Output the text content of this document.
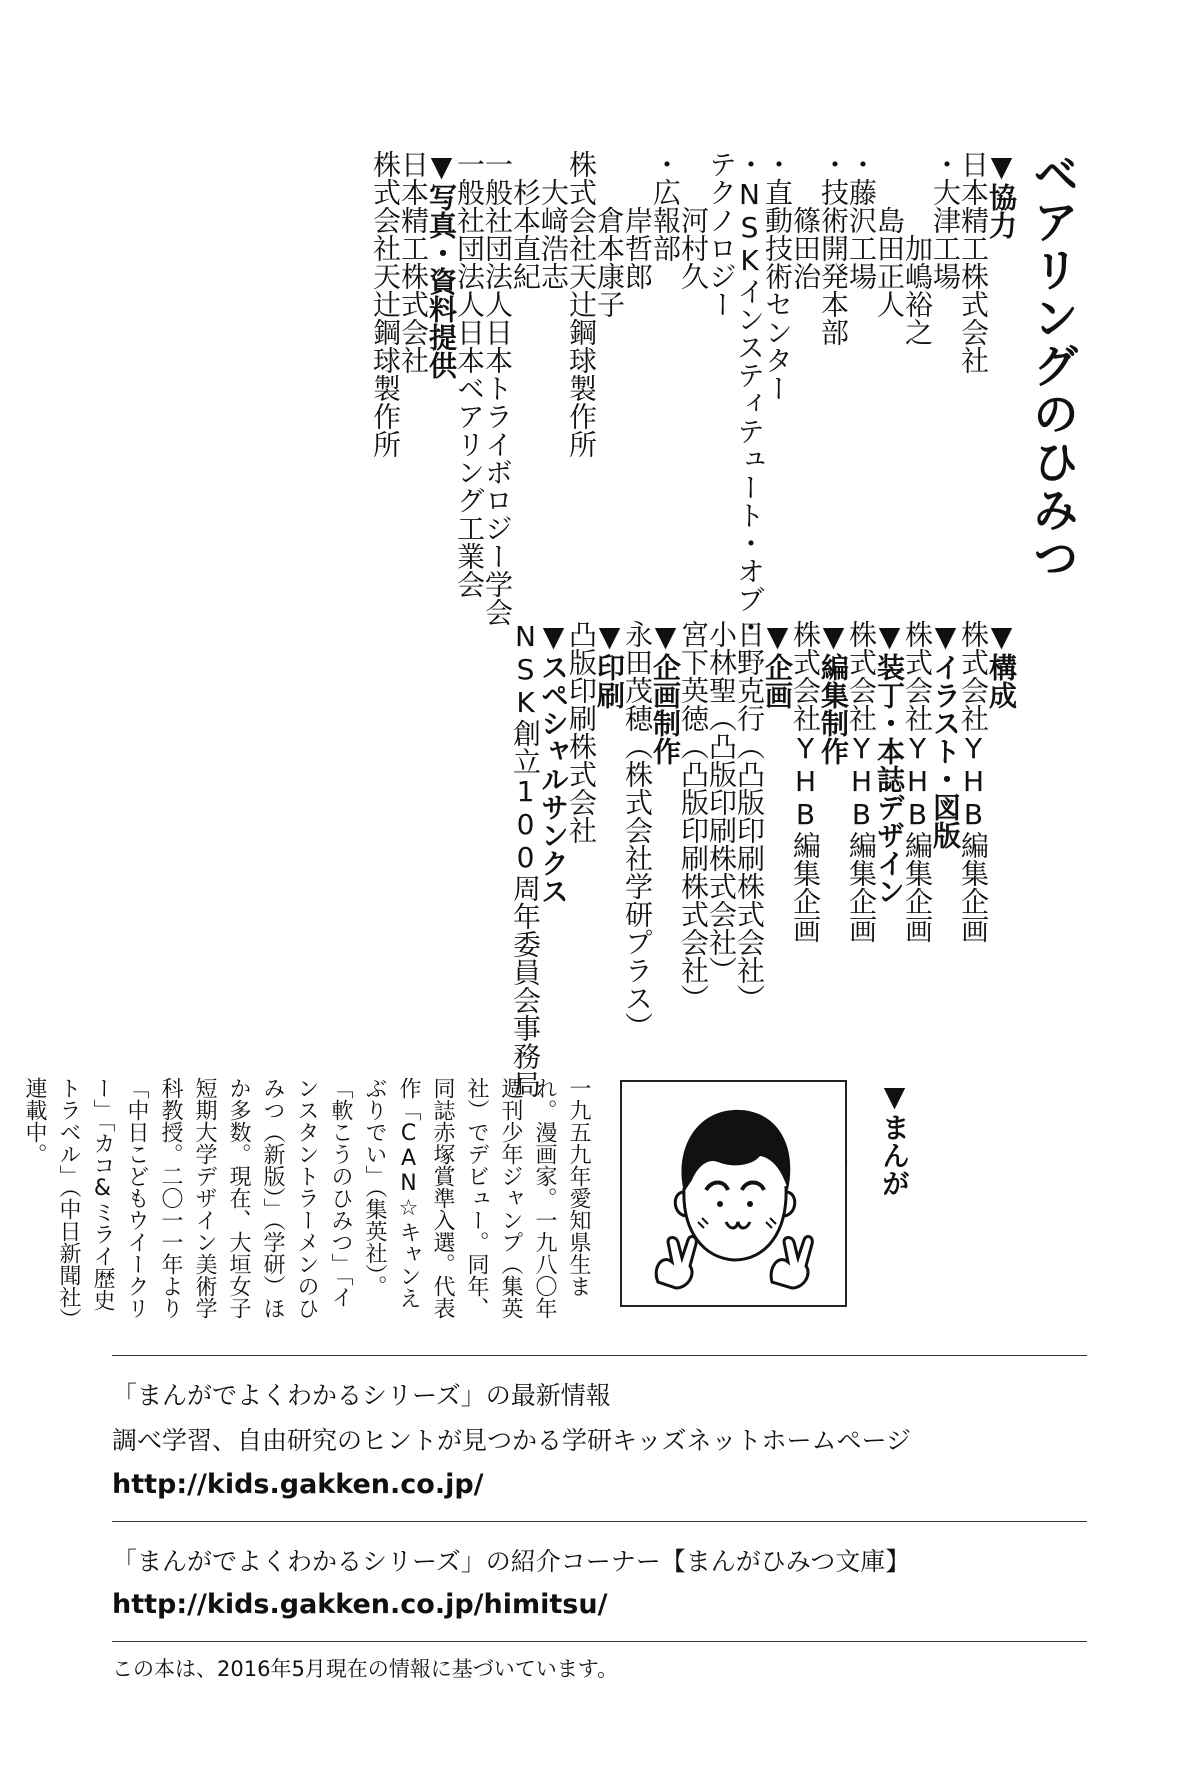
ベアリングのひみつ
▼協力
日本精工株式会社
・大津工場
加嶋裕之
島田正人
・藤沢工場
・技術開発本部
篠田治
・直動技術センター
・NSKインスティテュート・オブ・
テクノロジー
河村久
・広報部
岸哲郎
倉本康子
株式会社天辻鋼球製作所
大﨑浩志
杉本直紀
一般社団法人日本トライボロジー学会
一般社団法人日本ベアリング工業会
▼写真・資料提供
日本精工株式会社
株式会社天辻鋼球製作所
▼構成
株式会社YHB編集企画
▼イラスト・図版
株式会社YHB編集企画
▼装丁・本誌デザイン
株式会社YHB編集企画
▼編集制作
株式会社YHB編集企画
▼企画
日野克行（凸版印刷株式会社）
小林聖（凸版印刷株式会社）
宮下英徳（凸版印刷株式会社）
▼企画制作
永田茂穂（株式会社学研プラス）
▼印刷
凸版印刷株式会社
▼スペシャルサンクス
NSK創立100周年委員会事務局
▼まんが
一九五九年愛知県生まれ。漫画家。一九八〇年週刊少年ジャンプ（集英社）でデビュー。同年、同誌赤塚賞準入選。代表作「CAN☆キャンえぶりでい」（集英社）。「軟こうのひみつ」「インスタントラーメンのひみつ（新版）」（学研）ほか多数。現在、大垣女子短期大学デザイン美術学科教授。二〇一一年より「中日こどもウイークリー」「カコ&ミライ歴史トラベル」（中日新聞社）連載中。
「まんがでよくわかるシリーズ」の最新情報
調べ学習、自由研究のヒントが見つかる学研キッズネットホームページ
http://kids.gakken.co.jp/
「まんがでよくわかるシリーズ」の紹介コーナー【まんがひみつ文庫】
http://kids.gakken.co.jp/himitsu/
この本は、2016年5月現在の情報に基づいています。
